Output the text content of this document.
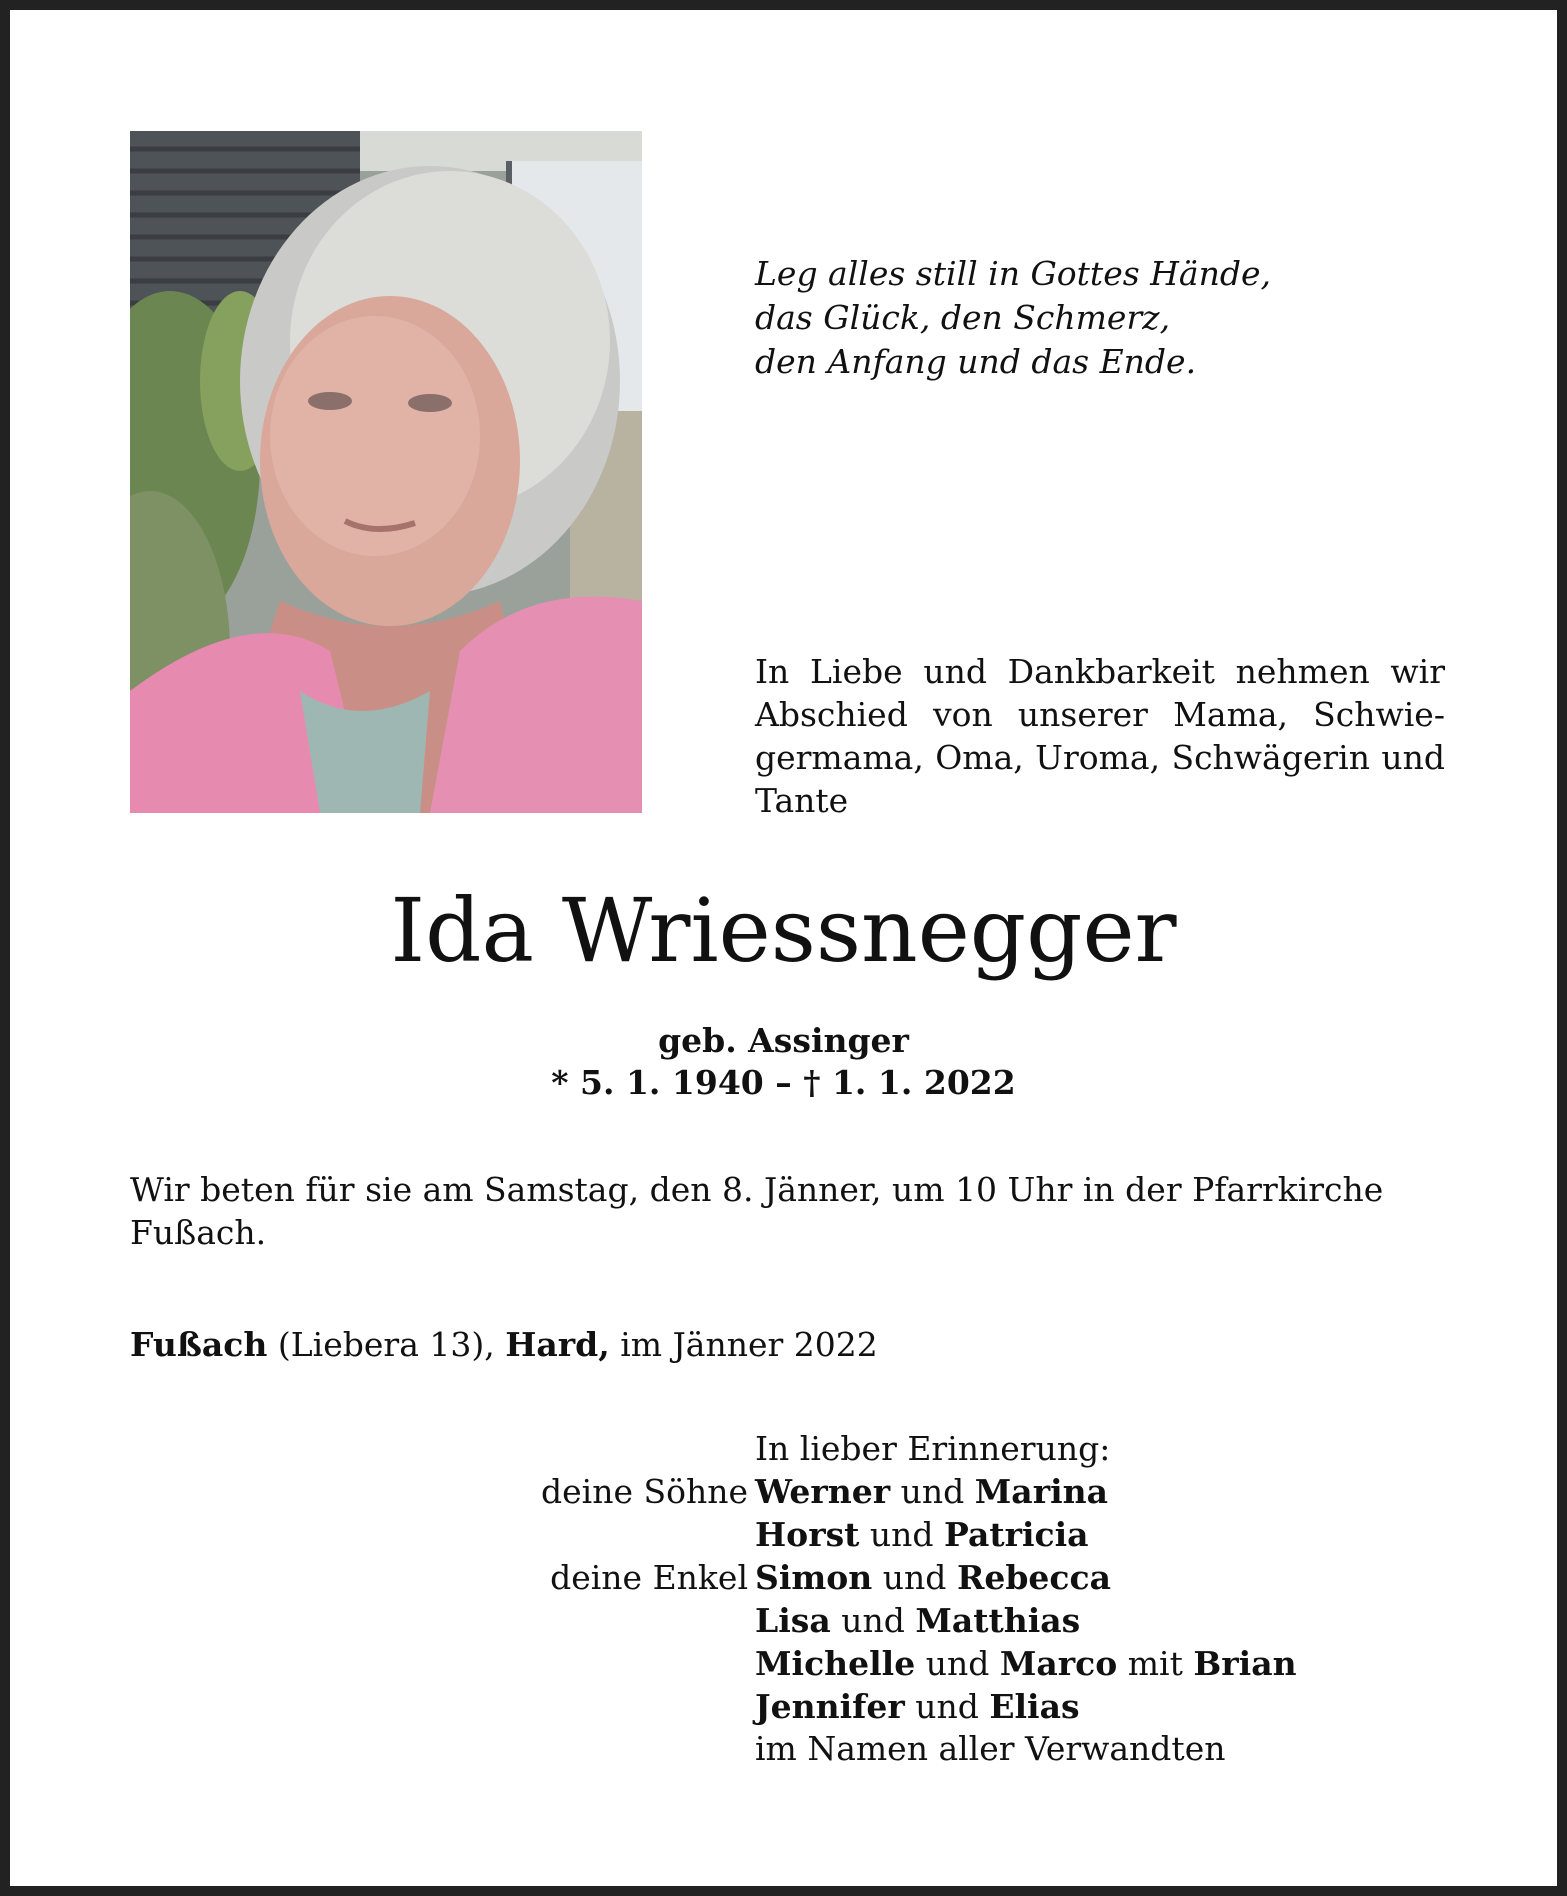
Leg alles still in Gottes Hände,
das Glück, den Schmerz,
den Anfang und das Ende.
In Liebe und Dankbarkeit nehmen wir Abschied von unserer Mama, Schwiegermama, Oma, Uroma, Schwägerin und Tante
Ida Wriessnegger
geb. Assinger
* 5. 1. 1940 – † 1. 1. 2022
Wir beten für sie am Samstag, den 8. Jänner, um 10 Uhr in der Pfarrkirche Fußach.
Fußach (Liebera 13), Hard, im Jänner 2022
In lieber Erinnerung:
deine Söhne Werner und Marina
Horst und Patricia
deine Enkel Simon und Rebecca
Lisa und Matthias
Michelle und Marco mit Brian
Jennifer und Elias
im Namen aller Verwandten
